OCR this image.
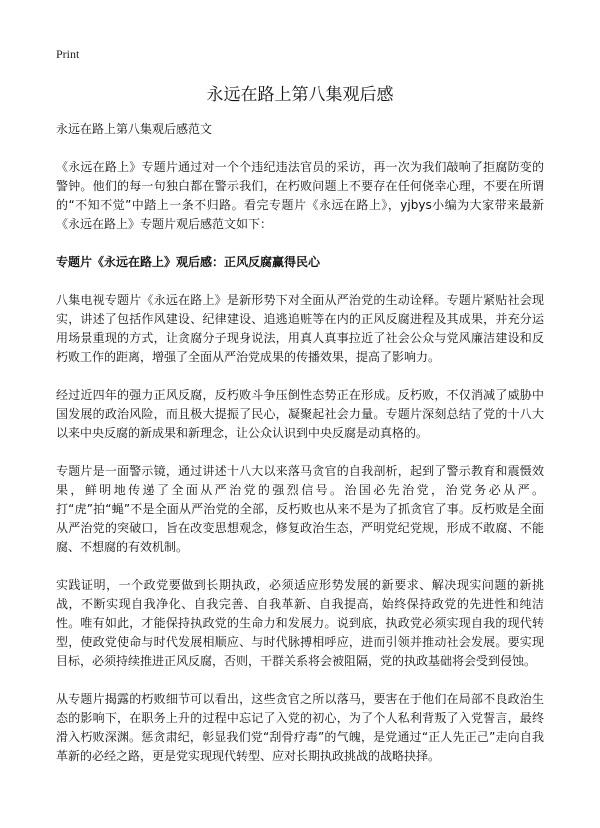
Print
永远在路上第八集观后感

永远在路上第八集观后感范文

《永远在路上》专题片通过对一个个违纪违法官员的采访，再一次为我们敲响了拒腐防变的警钟。他们的每一句独白都在警示我们，在朽败问题上不要存在任何侥幸心理，不要在所谓的“不知不觉”中踏上一条不归路。看完专题片《永远在路上》，yjbys小编为大家带来最新《永远在路上》专题片观后感范文如下：

专题片《永远在路上》观后感：正风反腐赢得民心

八集电视专题片《永远在路上》是新形势下对全面从严治党的生动诠释。专题片紧贴社会现实，讲述了包括作风建设、纪律建设、追逃追赃等在内的正风反腐进程及其成果，并充分运用场景重现的方式，让贪腐分子现身说法，用真人真事拉近了社会公众与党风廉洁建设和反朽败工作的距离，增强了全面从严治党成果的传播效果，提高了影响力。

经过近四年的强力正风反腐，反朽败斗争压倒性态势正在形成。反朽败，不仅消减了威胁中国发展的政治风险，而且极大提振了民心，凝聚起社会力量。专题片深刻总结了党的十八大以来中央反腐的新成果和新理念，让公众认识到中央反腐是动真格的。

专题片是一面警示镜，通过讲述十八大以来落马贪官的自我剖析，起到了警示教育和震慑效果，鲜明地传递了全面从严治党的强烈信号。治国必先治党，治党务必从严。打“虎”拍“蝇”不是全面从严治党的全部，反朽败也从来不是为了抓贪官了事。反朽败是全面从严治党的突破口，旨在改变思想观念，修复政治生态，严明党纪党规，形成不敢腐、不能腐、不想腐的有效机制。

实践证明，一个政党要做到长期执政，必须适应形势发展的新要求、解决现实问题的新挑战，不断实现自我净化、自我完善、自我革新、自我提高，始终保持政党的先进性和纯洁性。唯有如此，才能保持执政党的生命力和发展力。说到底，执政党必须实现自我的现代转型，使政党使命与时代发展相顺应、与时代脉搏相呼应，进而引领并推动社会发展。要实现目标，必须持续推进正风反腐，否则，干群关系将会被阻隔，党的执政基础将会受到侵蚀。

从专题片揭露的朽败细节可以看出，这些贪官之所以落马，要害在于他们在局部不良政治生态的影响下，在职务上升的过程中忘记了入党的初心，为了个人私利背叛了入党誓言，最终滑入朽败深渊。惩贪肃纪，彰显我们党“刮骨疗毒”的气魄，是党通过“正人先正己”走向自我革新的必经之路，更是党实现现代转型、应对长期执政挑战的战略抉择。
